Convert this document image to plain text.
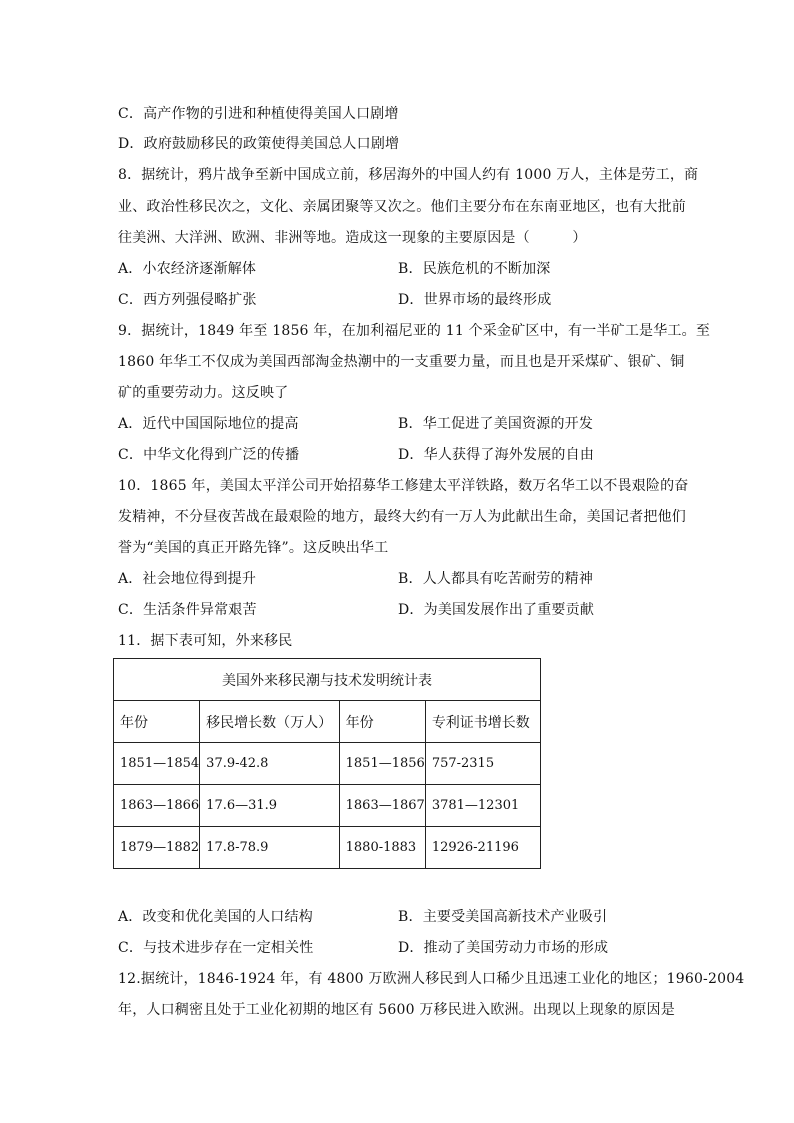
C．高产作物的引进和种植使得美国人口剧增
D．政府鼓励移民的政策使得美国总人口剧增
8．据统计，鸦片战争至新中国成立前，移居海外的中国人约有 1000 万人，主体是劳工，商
业、政治性移民次之，文化、亲属团聚等又次之。他们主要分布在东南亚地区，也有大批前
往美洲、大洋洲、欧洲、非洲等地。造成这一现象的主要原因是（　　　）
A．小农经济逐渐解体	B．民族危机的不断加深
C．西方列强侵略扩张	D．世界市场的最终形成
9．据统计，1849 年至 1856 年，在加利福尼亚的 11 个采金矿区中，有一半矿工是华工。至
1860 年华工不仅成为美国西部淘金热潮中的一支重要力量，而且也是开采煤矿、银矿、铜
矿的重要劳动力。这反映了
A．近代中国国际地位的提高	B．华工促进了美国资源的开发
C．中华文化得到广泛的传播	D．华人获得了海外发展的自由
10．1865 年，美国太平洋公司开始招募华工修建太平洋铁路，数万名华工以不畏艰险的奋
发精神，不分昼夜苦战在最艰险的地方，最终大约有一万人为此献出生命，美国记者把他们
誉为“美国的真正开路先锋”。这反映出华工
A．社会地位得到提升	B．人人都具有吃苦耐劳的精神
C．生活条件异常艰苦	D．为美国发展作出了重要贡献
11．据下表可知，外来移民
美国外来移民潮与技术发明统计表			
年份	移民增长数（万人）	年份	专利证书增长数
1851—1854	37.9-42.8	1851—1856	757-2315
1863—1866	17.6—31.9	1863—1867	3781—12301
1879—1882	17.8-78.9	1880-1883	12926-21196
A．改变和优化美国的人口结构	B．主要受美国高新技术产业吸引
C．与技术进步存在一定相关性	D．推动了美国劳动力市场的形成
12.据统计，1846-1924 年，有 4800 万欧洲人移民到人口稀少且迅速工业化的地区；1960-2004
年，人口稠密且处于工业化初期的地区有 5600 万移民进入欧洲。出现以上现象的原因是
